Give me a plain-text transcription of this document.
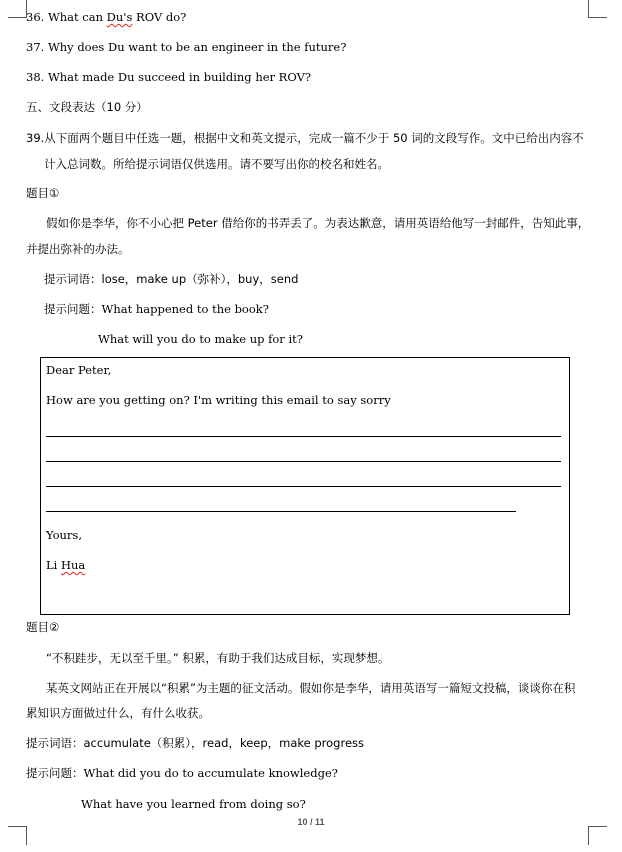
36. What can Du's ROV do?
37. Why does Du want to be an engineer in the future?
38. What made Du succeed in building her ROV?
五、文段表达（10 分）
39.从下面两个题目中任选一题，根据中文和英文提示，完成一篇不少于 50 词的文段写作。文中已给出内容不
计入总词数。所给提示词语仅供选用。请不要写出你的校名和姓名。
题目①
假如你是李华，你不小心把 Peter 借给你的书弄丢了。为表达歉意，请用英语给他写一封邮件，告知此事，
并提出弥补的办法。
提示词语：lose，make up（弥补），buy，send
提示问题：What happened to the book?
What will you do to make up for it?
Dear Peter,
How are you getting on? I'm writing this email to say sorry
Yours,
Li Hua
题目②
“不积跬步，无以至千里。” 积累，有助于我们达成目标，实现梦想。
某英文网站正在开展以“积累”为主题的征文活动。假如你是李华，请用英语写一篇短文投稿，谈谈你在积
累知识方面做过什么，有什么收获。
提示词语：accumulate（积累），read，keep，make progress
提示问题：What did you do to accumulate knowledge?
What have you learned from doing so?
10 / 11
